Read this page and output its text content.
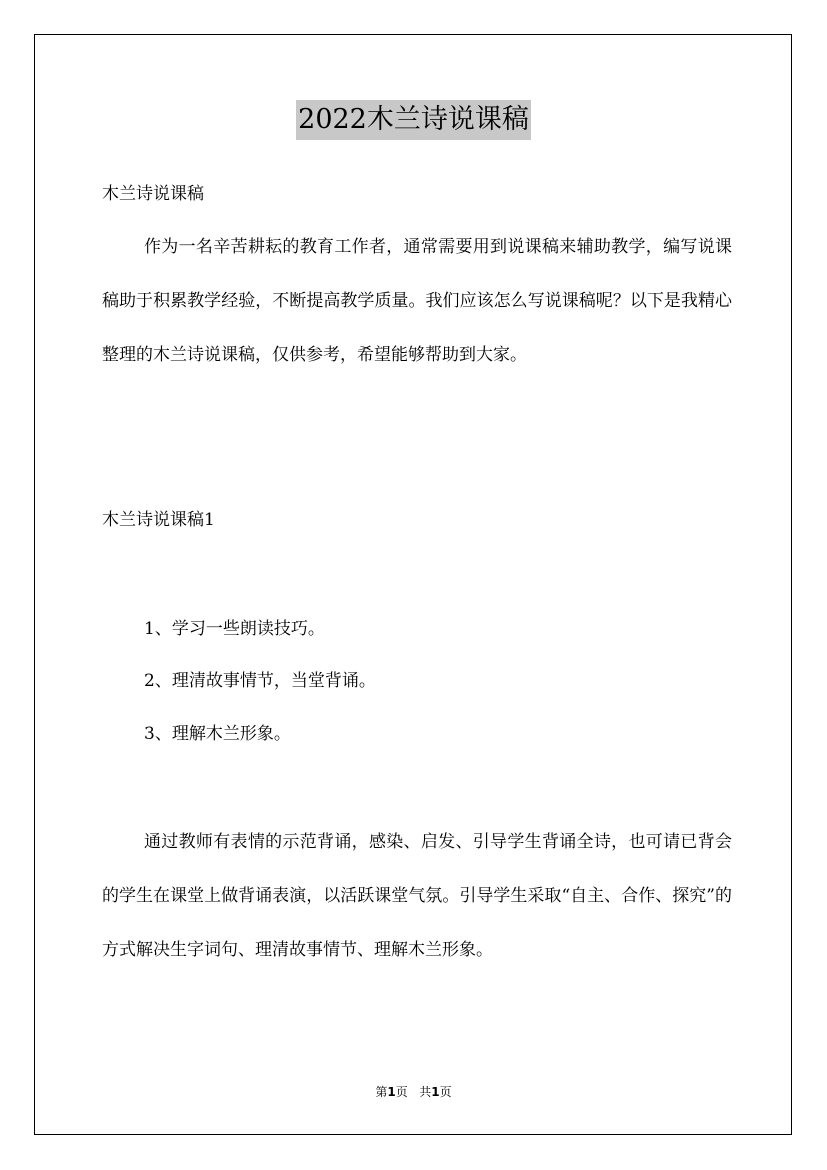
2022木兰诗说课稿

木兰诗说课稿

作为一名辛苦耕耘的教育工作者，通常需要用到说课稿来辅助教学，编写说课稿助于积累教学经验，不断提高教学质量。我们应该怎么写说课稿呢？以下是我精心整理的木兰诗说课稿，仅供参考，希望能够帮助到大家。

木兰诗说课稿1

1、学习一些朗读技巧。
2、理清故事情节，当堂背诵。
3、理解木兰形象。

通过教师有表情的示范背诵，感染、启发、引导学生背诵全诗，也可请已背会的学生在课堂上做背诵表演，以活跃课堂气氛。引导学生采取“自主、合作、探究”的方式解决生字词句、理清故事情节、理解木兰形象。

第1页 共1页
